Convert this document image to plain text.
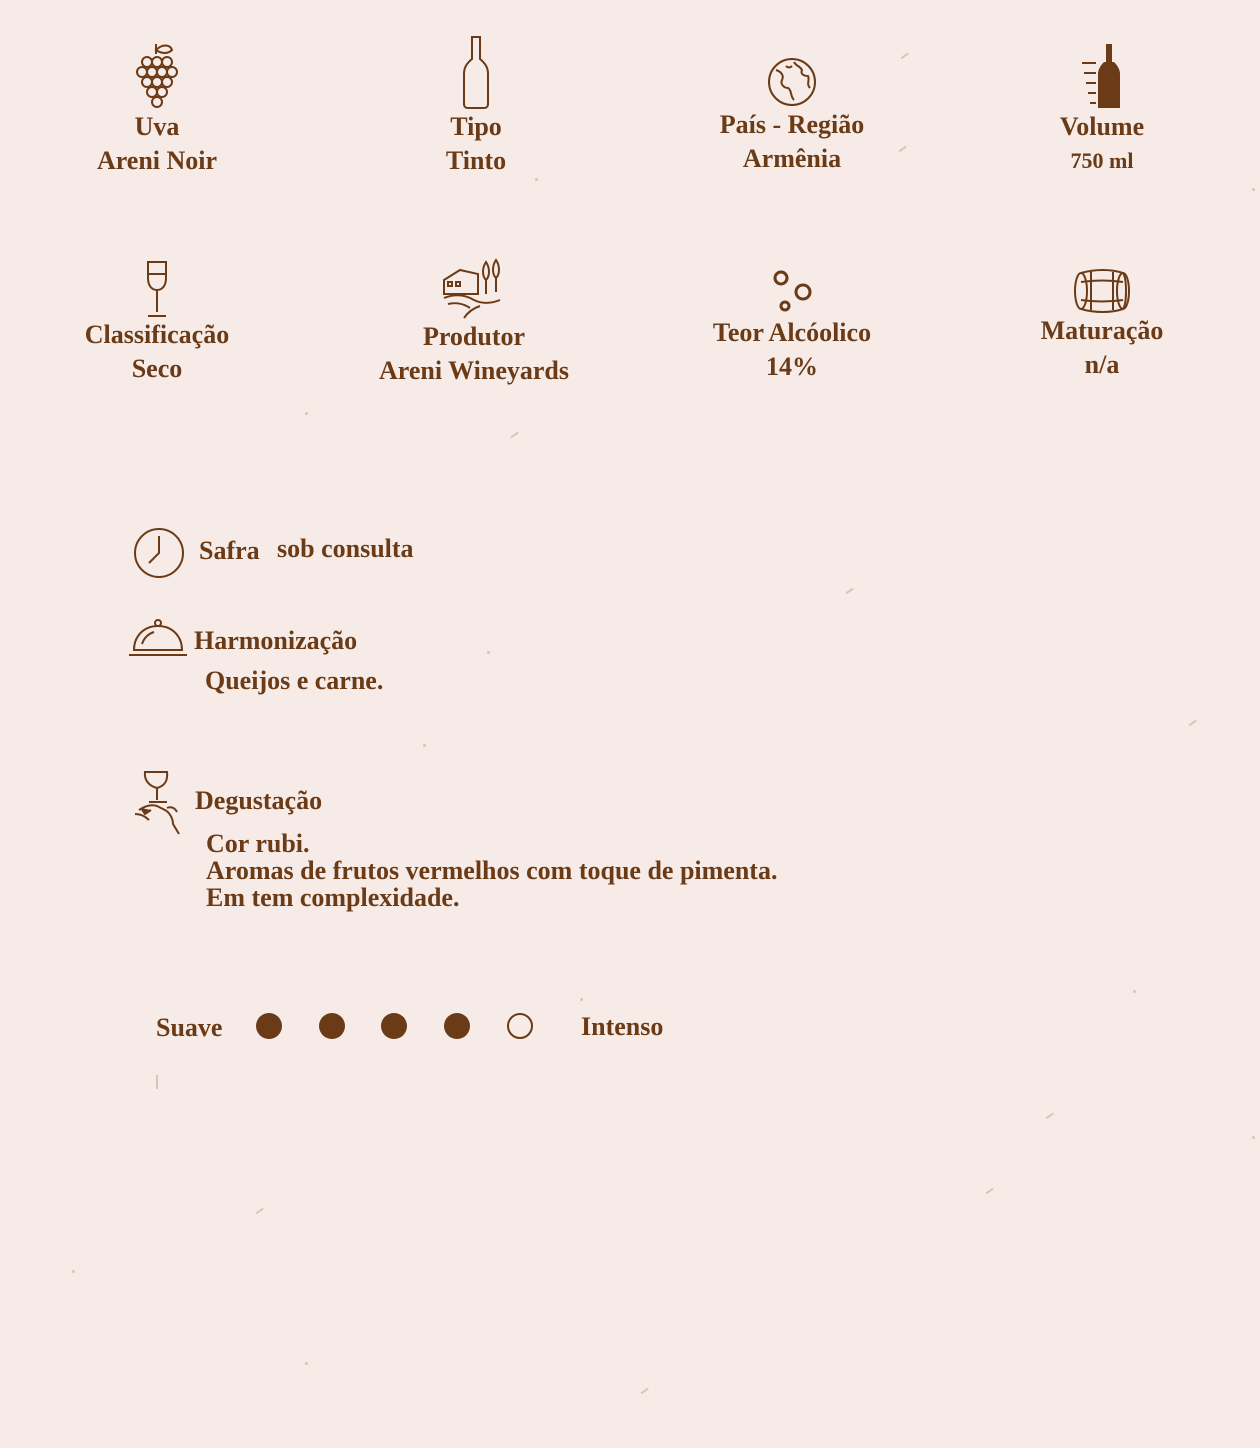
Uva
Areni Noir
Tipo
Tinto
País - Região
Armênia
Volume
750 ml
Classificação
Seco
Produtor
Areni Wineyards
Teor Alcóolico
14%
Maturação
n/a
Safra sob consulta
Harmonização
Queijos e carne.
Degustação
Cor rubi.
Aromas de frutos vermelhos com toque de pimenta.
Em tem complexidade.
Suave	Intenso
